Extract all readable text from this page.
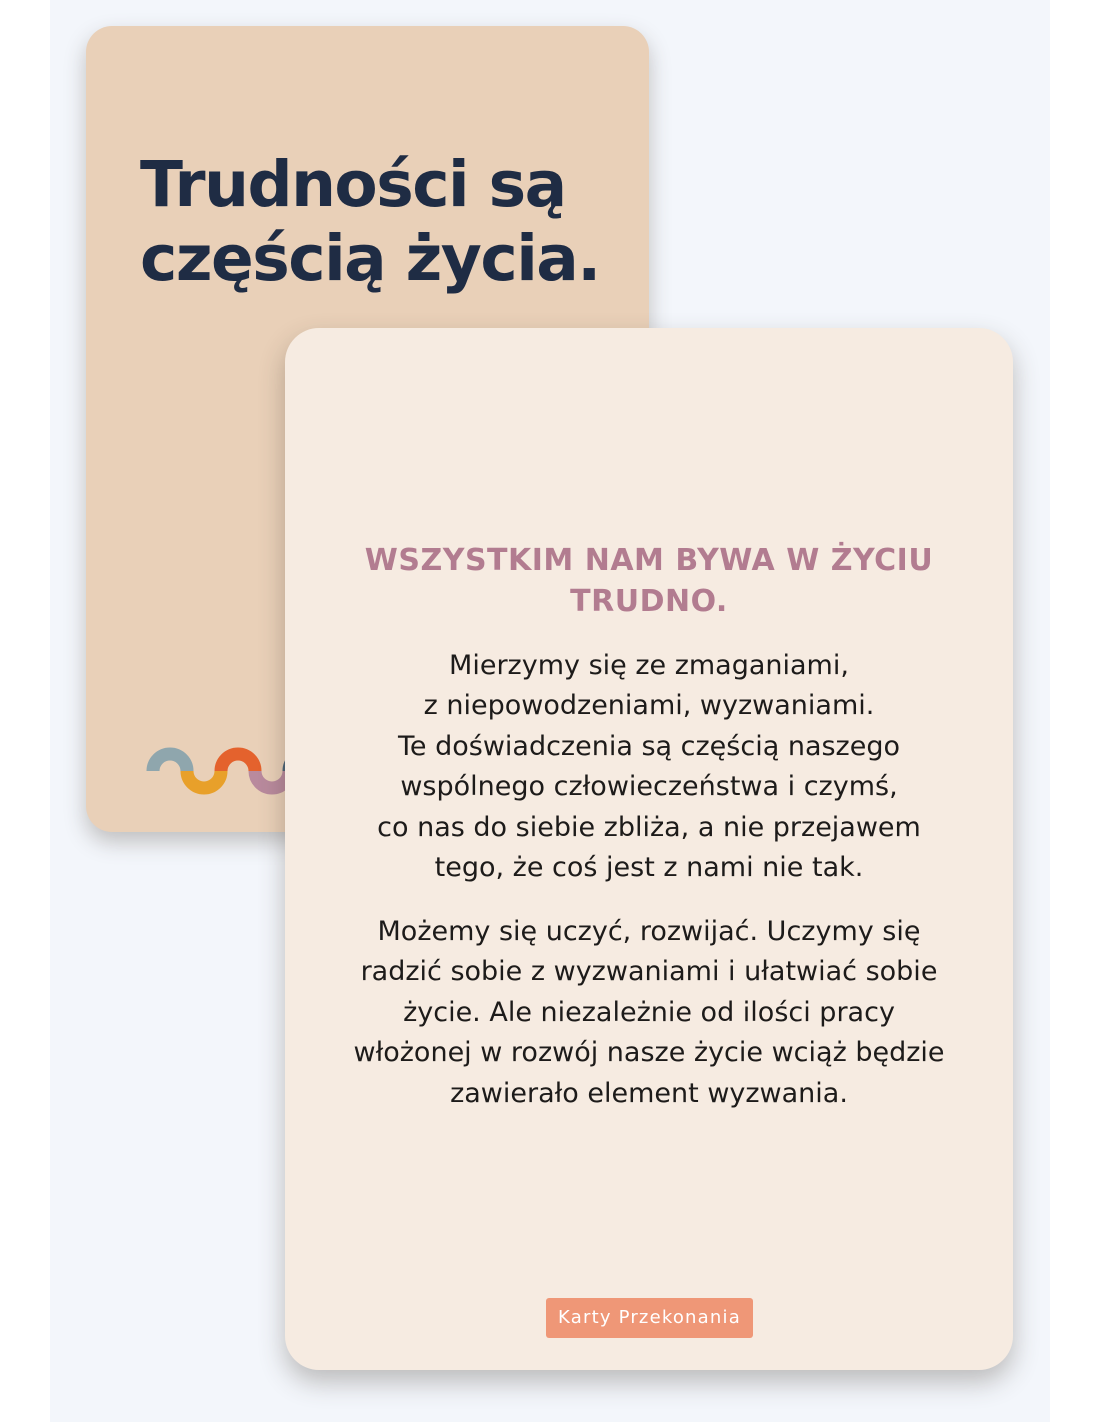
Trudności są
częścią życia.
WSZYSTKIM NAM BYWA W ŻYCIU
TRUDNO.

Mierzymy się ze zmaganiami,
z niepowodzeniami, wyzwaniami.
Te doświadczenia są częścią naszego
wspólnego człowieczeństwa i czymś,
co nas do siebie zbliża, a nie przejawem
tego, że coś jest z nami nie tak.

Możemy się uczyć, rozwijać. Uczymy się
radzić sobie z wyzwaniami i ułatwiać sobie
życie. Ale niezależnie od ilości pracy
włożonej w rozwój nasze życie wciąż będzie
zawierało element wyzwania.

Karty Przekonania
